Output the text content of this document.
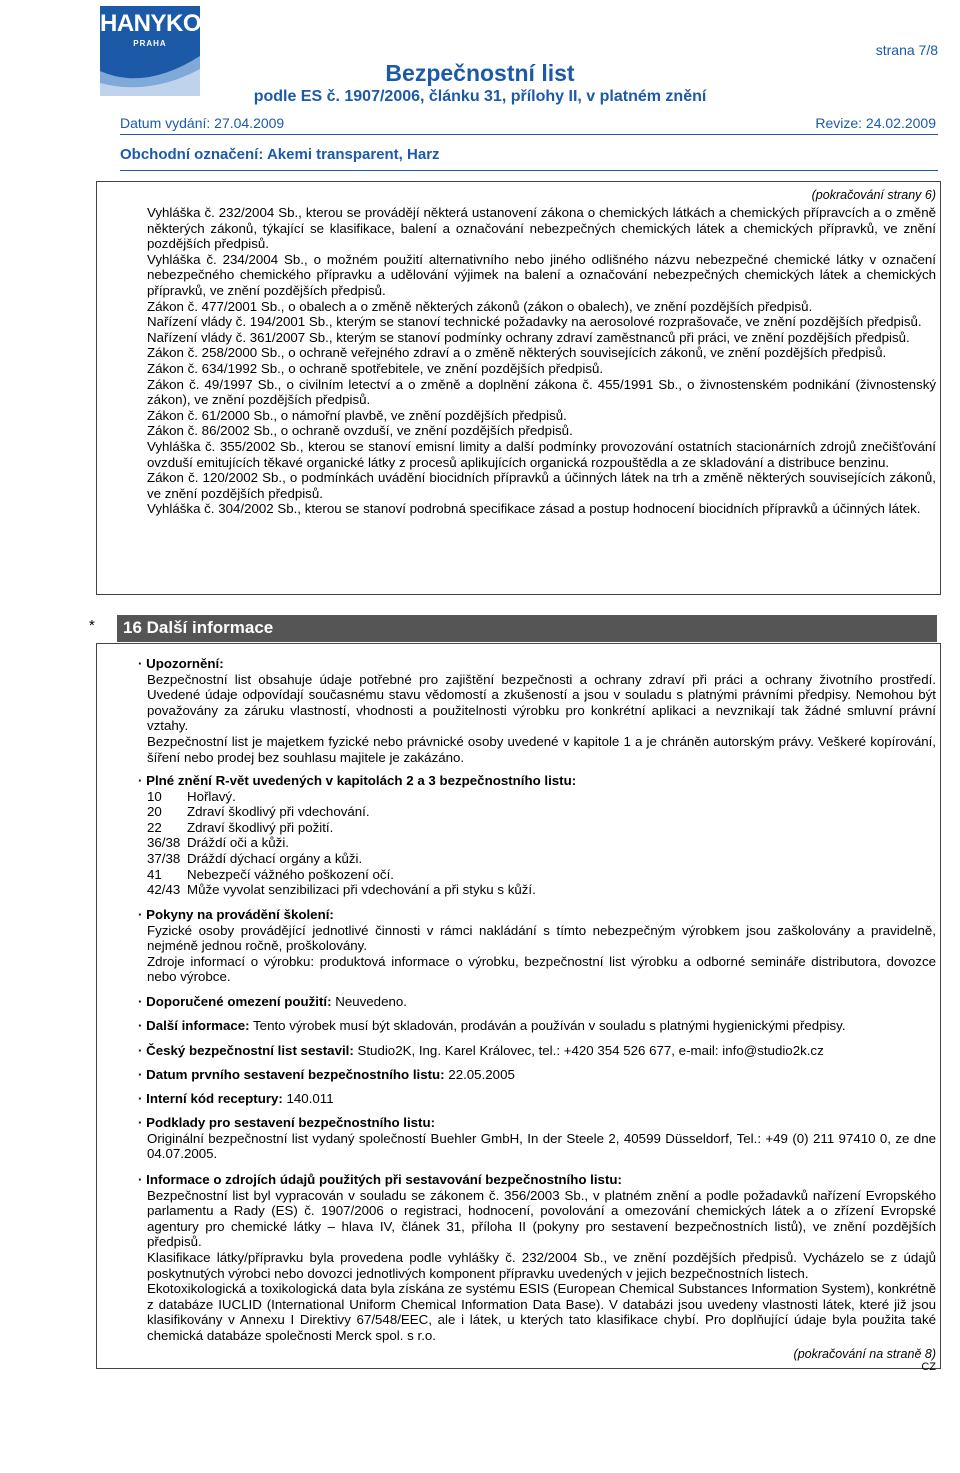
HANYKO
PRAHA	strana 7/8
Bezpečnostní list
podle ES č. 1907/2006, článku 31, přílohy II, v platném znění
Datum vydání: 27.04.2009	Revize: 24.02.2009
Obchodní označení: Akemi transparent, Harz
(pokračování strany 6)

Vyhláška č. 232/2004 Sb., kterou se provádějí některá ustanovení zákona o chemických látkách a chemických přípravcích a o změně některých zákonů, týkající se klasifikace, balení a označování nebezpečných chemických látek a chemických přípravků, ve znění pozdějších předpisů.

Vyhláška č. 234/2004 Sb., o možném použití alternativního nebo jiného odlišného názvu nebezpečné chemické látky v označení nebezpečného chemického přípravku a udělování výjimek na balení a označování nebezpečných chemických látek a chemických přípravků, ve znění pozdějších předpisů.

Zákon č. 477/2001 Sb., o obalech a o změně některých zákonů (zákon o obalech), ve znění pozdějších předpisů.

Nařízení vlády č. 194/2001 Sb., kterým se stanoví technické požadavky na aerosolové rozprašovače, ve znění pozdějších předpisů.

Nařízení vlády č. 361/2007 Sb., kterým se stanoví podmínky ochrany zdraví zaměstnanců při práci, ve znění pozdějších předpisů.

Zákon č. 258/2000 Sb., o ochraně veřejného zdraví a o změně některých souvisejících zákonů, ve znění pozdějších předpisů.

Zákon č. 634/1992 Sb., o ochraně spotřebitele, ve znění pozdějších předpisů.

Zákon č. 49/1997 Sb., o civilním letectví a o změně a doplnění zákona č. 455/1991 Sb., o živnostenském podnikání (živnostenský zákon), ve znění pozdějších předpisů.

Zákon č. 61/2000 Sb., o námořní plavbě, ve znění pozdějších předpisů.

Zákon č. 86/2002 Sb., o ochraně ovzduší, ve znění pozdějších předpisů.

Vyhláška č. 355/2002 Sb., kterou se stanoví emisní limity a další podmínky provozování ostatních stacionárních zdrojů znečišťování ovzduší emitujících těkavé organické látky z procesů aplikujících organická rozpouštědla a ze skladování a distribuce benzinu.

Zákon č. 120/2002 Sb., o podmínkách uvádění biocidních přípravků a účinných látek na trh a změně některých souvisejících zákonů, ve znění pozdějších předpisů.

Vyhláška č. 304/2002 Sb., kterou se stanoví podrobná specifikace zásad a postup hodnocení biocidních přípravků a účinných látek.

* 16 Další informace
(pokračování na straně 8)
· Upozornění:
Bezpečnostní list obsahuje údaje potřebné pro zajištění bezpečnosti a ochrany zdraví při práci a ochrany životního prostředí. Uvedené údaje odpovídají současnému stavu vědomostí a zkušeností a jsou v souladu s platnými právními předpisy. Nemohou být považovány za záruku vlastností, vhodnosti a použitelnosti výrobku pro konkrétní aplikaci a nevznikají tak žádné smluvní právní vztahy.
Bezpečnostní list je majetkem fyzické nebo právnické osoby uvedené v kapitole 1 a je chráněn autorským právy. Veškeré kopírování, šíření nebo prodej bez souhlasu majitele je zakázáno.
· Plné znění R-vět uvedených v kapitolách 2 a 3 bezpečnostního listu:
10	Hořlavý.
20	Zdraví škodlivý při vdechování.
22	Zdraví škodlivý při požití.
36/38 Dráždí oči a kůži.
37/38 Dráždí dýchací orgány a kůži.
41	Nebezpečí vážného poškození očí.
42/43 Může vyvolat senzibilizaci při vdechování a při styku s kůží.
· Pokyny na provádění školení:
Fyzické osoby provádějící jednotlivé činnosti v rámci nakládání s tímto nebezpečným výrobkem jsou zaškolovány a pravidelně, nejméně jednou ročně, proškolovány.
Zdroje informací o výrobku: produktová informace o výrobku, bezpečnostní list výrobku a odborné semináře distributora, dovozce nebo výrobce.
· Doporučené omezení použití: Neuvedeno.
· Další informace: Tento výrobek musí být skladován, prodáván a používán v souladu s platnými hygienickými předpisy.
· Český bezpečnostní list sestavil: Studio2K, Ing. Karel Královec, tel.: +420 354 526 677, e-mail: info@studio2k.cz
· Datum prvního sestavení bezpečnostního listu: 22.05.2005
· Interní kód receptury: 140.011
· Podklady pro sestavení bezpečnostního listu:
Originální bezpečnostní list vydaný společností Buehler GmbH, In der Steele 2, 40599 Düsseldorf, Tel.: +49 (0) 211 97410 0, ze dne 04.07.2005.
· Informace o zdrojích údajů použitých při sestavování bezpečnostního listu:
Bezpečnostní list byl vypracován v souladu se zákonem č. 356/2003 Sb., v platném znění a podle požadavků nařízení Evropského parlamentu a Rady (ES) č. 1907/2006 o registraci, hodnocení, povolování a omezování chemických látek a o zřízení Evropské agentury pro chemické látky – hlava IV, článek 31, příloha II (pokyny pro sestavení bezpečnostních listů), ve znění pozdějších předpisů.
Klasifikace látky/přípravku byla provedena podle vyhlášky č. 232/2004 Sb., ve znění pozdějších předpisů. Vycházelo se z údajů poskytnutých výrobci nebo dovozci jednotlivých komponent přípravku uvedených v jejich bezpečnostních listech.
Ekotoxikologická a toxikologická data byla získána ze systému ESIS (European Chemical Substances Information System), konkrétně z databáze IUCLID (International Uniform Chemical Information Data Base). V databázi jsou uvedeny vlastnosti látek, které již jsou klasifikovány v Annexu I Direktivy 67/548/EEC, ale i látek, u kterých tato klasifikace chybí. Pro doplňující údaje byla použita také chemická databáze společnosti Merck spol. s r.o.
CZ
